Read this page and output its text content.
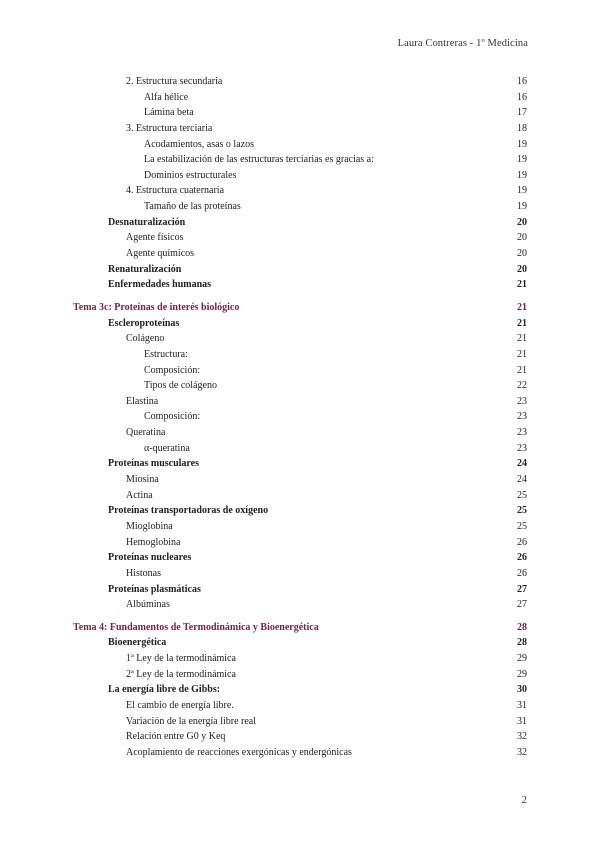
Laura Contreras - 1º Medicina
2. Estructura secundaria	16
Alfa hélice	16
Lámina beta	17
3. Estructura terciaria	18
Acodamientos, asas o lazos	19
La estabilización de las estructuras terciarias es gracias a:	19
Dominios estructurales	19
4. Estructura cuaternaria	19
Tamaño de las proteínas	19
Desnaturalización	20
Agente físicos	20
Agente químicos	20
Renaturalización	20
Enfermedades humanas	21
Tema 3c: Proteínas de interés biológico	21
Escleroproteínas	21
Colágeno	21
Estructura:	21
Composición:	21
Tipos de colágeno	22
Elastina	23
Composición:	23
Queratina	23
α-queratina	23
Proteínas musculares	24
Miosina	24
Actina	25
Proteínas transportadoras de oxígeno	25
Mioglobina	25
Hemoglobina	26
Proteínas nucleares	26
Histonas	26
Proteínas plasmáticas	27
Albúminas	27
Tema 4: Fundamentos de Termodinámica y Bioenergética	28
Bioenergética	28
1ª Ley de la termodinámica	29
2ª Ley de la termodinámica	29
La energía libre de Gibbs:	30
El cambio de energía libre.	31
Variación de la energía libre real	31
Relación entre G0 y Keq	32
Acoplamiento de reacciones exergónicas y endergónicas	32
2
